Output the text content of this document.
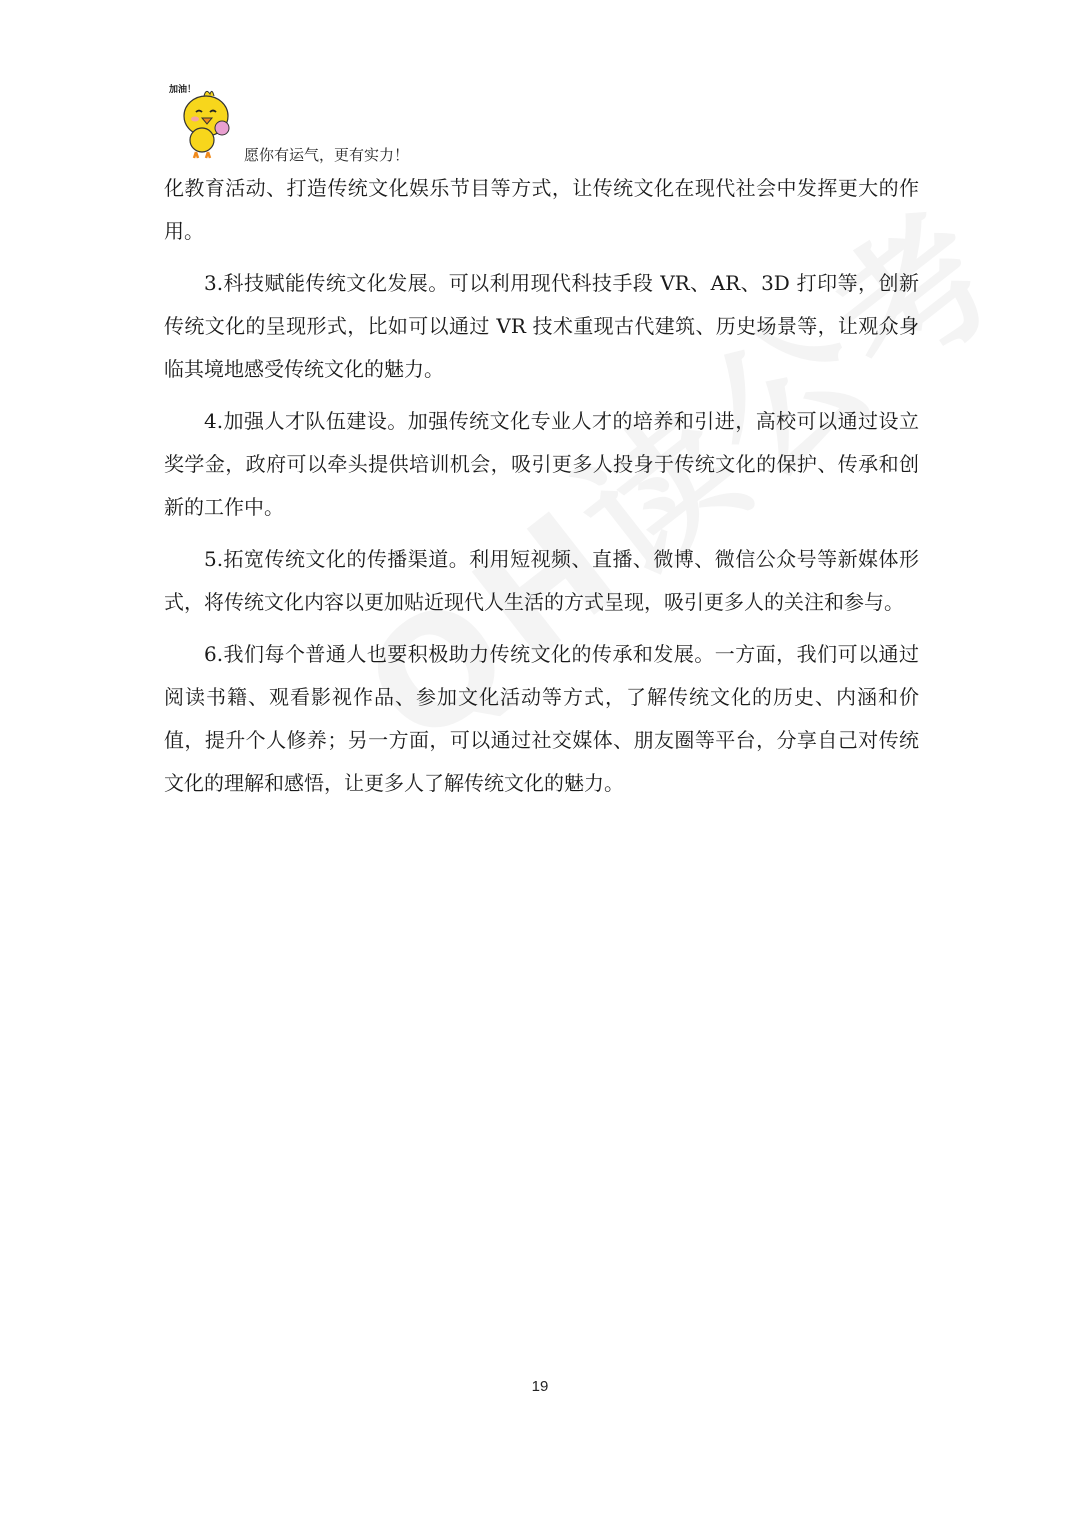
加油！
愿你有运气，更有实力！

化教育活动、打造传统文化娱乐节目等方式，让传统文化在现代社会中发挥更大的作用。

3.科技赋能传统文化发展。可以利用现代科技手段 VR、AR、3D 打印等，创新传统文化的呈现形式，比如可以通过 VR 技术重现古代建筑、历史场景等，让观众身临其境地感受传统文化的魅力。

4.加强人才队伍建设。加强传统文化专业人才的培养和引进，高校可以通过设立奖学金，政府可以牵头提供培训机会，吸引更多人投身于传统文化的保护、传承和创新的工作中。

5.拓宽传统文化的传播渠道。利用短视频、直播、微博、微信公众号等新媒体形式，将传统文化内容以更加贴近现代人生活的方式呈现，吸引更多人的关注和参与。

6.我们每个普通人也要积极助力传统文化的传承和发展。一方面，我们可以通过阅读书籍、观看影视作品、参加文化活动等方式，了解传统文化的历史、内涵和价值，提升个人修养；另一方面，可以通过社交媒体、朋友圈等平台，分享自己对传统文化的理解和感悟，让更多人了解传统文化的魅力。

19
